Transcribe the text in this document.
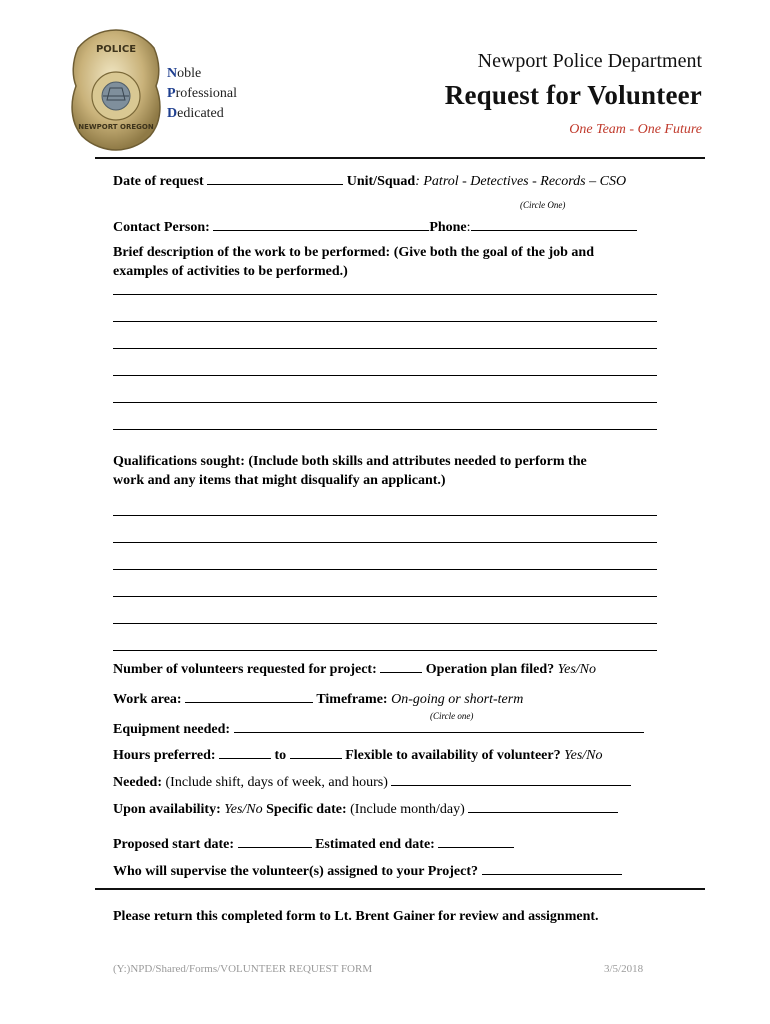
POLICE
NEWPORT OREGON
Noble
Professional
Dedicated
Newport Police Department
Request for Volunteer
One Team - One Future
Date of request	Unit/Squad: Patrol - Detectives - Records – CSO
(Circle One)
Contact Person:	Phone:
Brief description of the work to be performed: (Give both the goal of the job and
examples of activities to be performed.)
Qualifications sought: (Include both skills and attributes needed to perform the
work and any items that might disqualify an applicant.)
Number of volunteers requested for project:	Operation plan filed? Yes/No
Work area:	Timeframe: On-going or short-term
(Circle one)
Equipment needed:
Hours preferred:	to	Flexible to availability of volunteer? Yes/No
Needed: (Include shift, days of week, and hours)
Upon availability: Yes/No Specific date: (Include month/day)
Proposed start date:	Estimated end date:
Who will supervise the volunteer(s) assigned to your Project?
Please return this completed form to Lt. Brent Gainer for review and assignment.
(Y:)NPD/Shared/Forms/VOLUNTEER REQUEST FORM	3/5/2018
